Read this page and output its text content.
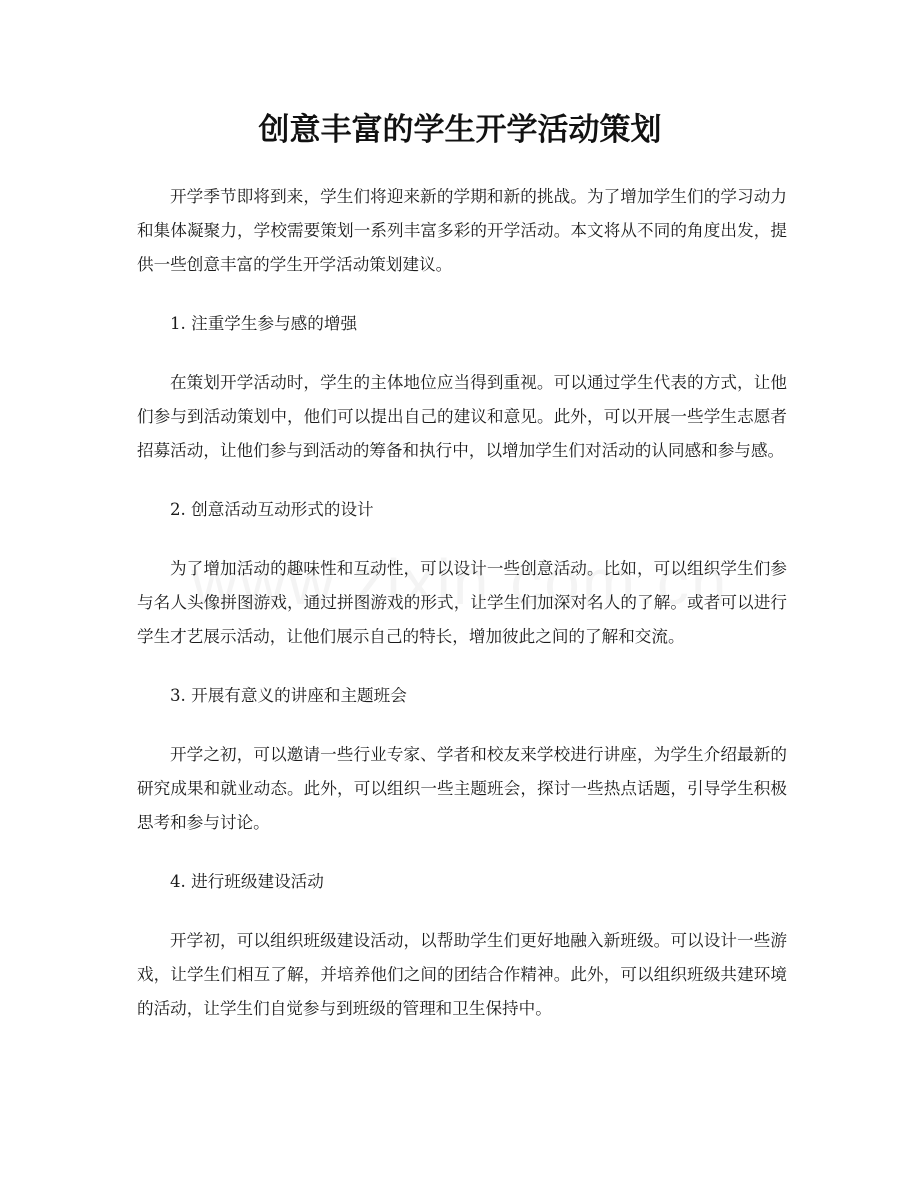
创意丰富的学生开学活动策划

开学季节即将到来，学生们将迎来新的学期和新的挑战。为了增加学生们的学习动力和集体凝聚力，学校需要策划一系列丰富多彩的开学活动。本文将从不同的角度出发，提供一些创意丰富的学生开学活动策划建议。

1. 注重学生参与感的增强

在策划开学活动时，学生的主体地位应当得到重视。可以通过学生代表的方式，让他们参与到活动策划中，他们可以提出自己的建议和意见。此外，可以开展一些学生志愿者招募活动，让他们参与到活动的筹备和执行中，以增加学生们对活动的认同感和参与感。

2. 创意活动互动形式的设计

为了增加活动的趣味性和互动性，可以设计一些创意活动。比如，可以组织学生们参与名人头像拼图游戏，通过拼图游戏的形式，让学生们加深对名人的了解。或者可以进行学生才艺展示活动，让他们展示自己的特长，增加彼此之间的了解和交流。

3. 开展有意义的讲座和主题班会

开学之初，可以邀请一些行业专家、学者和校友来学校进行讲座，为学生介绍最新的研究成果和就业动态。此外，可以组织一些主题班会，探讨一些热点话题，引导学生积极思考和参与讨论。

4. 进行班级建设活动

开学初，可以组织班级建设活动，以帮助学生们更好地融入新班级。可以设计一些游戏，让学生们相互了解，并培养他们之间的团结合作精神。此外，可以组织班级共建环境的活动，让学生们自觉参与到班级的管理和卫生保持中。
